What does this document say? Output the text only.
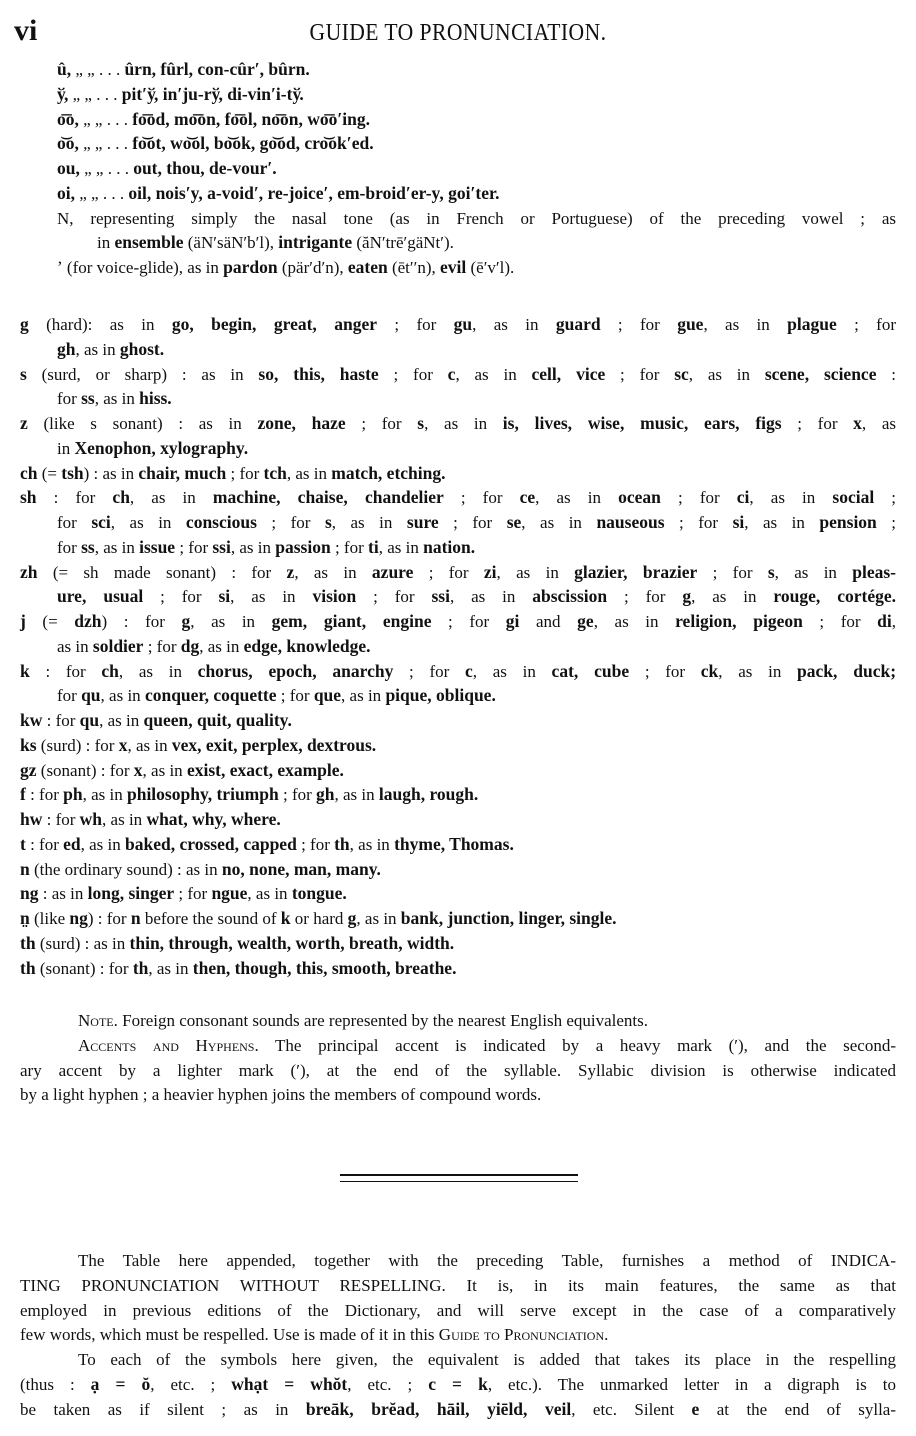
vi	GUIDE TO PRONUNCIATION.
û, „ „ . . . ûrn, fûrl, con-cûr′, bûrn.
ў, „ „ . . . pit′ў, in′ju-rў, di-vin′i-tў.
o͞o, „ „ . . . fo͞od, mo͞on, fo͞ol, no͞on, wo͞o′ing.
o͝o, „ „ . . . fo͝ot, wo͝ol, bo͝ok, go͝od, cro͝ok′ed.
ou, „ „ . . . out, thou, de-vour′.
oi, „ „ . . . oil, nois′y, a-void′, re-joice′, em-broid′er-y, goi′ter.
N, representing simply the nasal tone (as in French or Portuguese) of the preceding vowel ; as
in ensemble (äN′säN′b′l), intrigante (ăN′trē′gäNt′).
ʼ (for voice-glide), as in pardon (pär′d′n), eaten (ēt′′n), evil (ē′v′l).
g (hard): as in go, begin, great, anger ; for gu, as in guard ; for gue, as in plague ; for
gh, as in ghost.
s (surd, or sharp) : as in so, this, haste ; for c, as in cell, vice ; for sc, as in scene, science :
for ss, as in hiss.
z (like s sonant) : as in zone, haze ; for s, as in is, lives, wise, music, ears, figs ; for x, as
in Xenophon, xylography.
ch (= tsh) : as in chair, much ; for tch, as in match, etching.
sh : for ch, as in machine, chaise, chandelier ; for ce, as in ocean ; for ci, as in social ;
for sci, as in conscious ; for s, as in sure ; for se, as in nauseous ; for si, as in pension ;
for ss, as in issue ; for ssi, as in passion ; for ti, as in nation.
zh (= sh made sonant) : for z, as in azure ; for zi, as in glazier, brazier ; for s, as in pleas-
ure, usual ; for si, as in vision ; for ssi, as in abscission ; for g, as in rouge, cortége.
j (= dzh) : for g, as in gem, giant, engine ; for gi and ge, as in religion, pigeon ; for di,
as in soldier ; for dg, as in edge, knowledge.
k : for ch, as in chorus, epoch, anarchy ; for c, as in cat, cube ; for ck, as in pack, duck;
for qu, as in conquer, coquette ; for que, as in pique, oblique.
kw : for qu, as in queen, quit, quality.
ks (surd) : for x, as in vex, exit, perplex, dextrous.
gz (sonant) : for x, as in exist, exact, example.
f : for ph, as in philosophy, triumph ; for gh, as in laugh, rough.
hw : for wh, as in what, why, where.
t : for ed, as in baked, crossed, capped ; for th, as in thyme, Thomas.
n (the ordinary sound) : as in no, none, man, many.
ng : as in long, singer ; for ngue, as in tongue.
n̤ (like ng) : for n before the sound of k or hard g, as in bank, junction, linger, single.
th (surd) : as in thin, through, wealth, worth, breath, width.
th (sonant) : for th, as in then, though, this, smooth, breathe.
Note. Foreign consonant sounds are represented by the nearest English equivalents.
Accents and Hyphens. The principal accent is indicated by a heavy mark (′), and the second-
ary accent by a lighter mark (′), at the end of the syllable. Syllabic division is otherwise indicated
by a light hyphen ; a heavier hyphen joins the members of compound words.
The Table here appended, together with the preceding Table, furnishes a method of INDICA-
TING PRONUNCIATION WITHOUT RESPELLING. It is, in its main features, the same as that
employed in previous editions of the Dictionary, and will serve except in the case of a comparatively
few words, which must be respelled. Use is made of it in this Guide to Pronunciation.
To each of the symbols here given, the equivalent is added that takes its place in the respelling
(thus : ạ = ŏ, etc. ; whạt = whŏt, etc. ; c = k, etc.). The unmarked letter in a digraph is to
be taken as if silent ; as in breāk, brĕad, hāil, yiēld, veil, etc. Silent e at the end of sylla-
